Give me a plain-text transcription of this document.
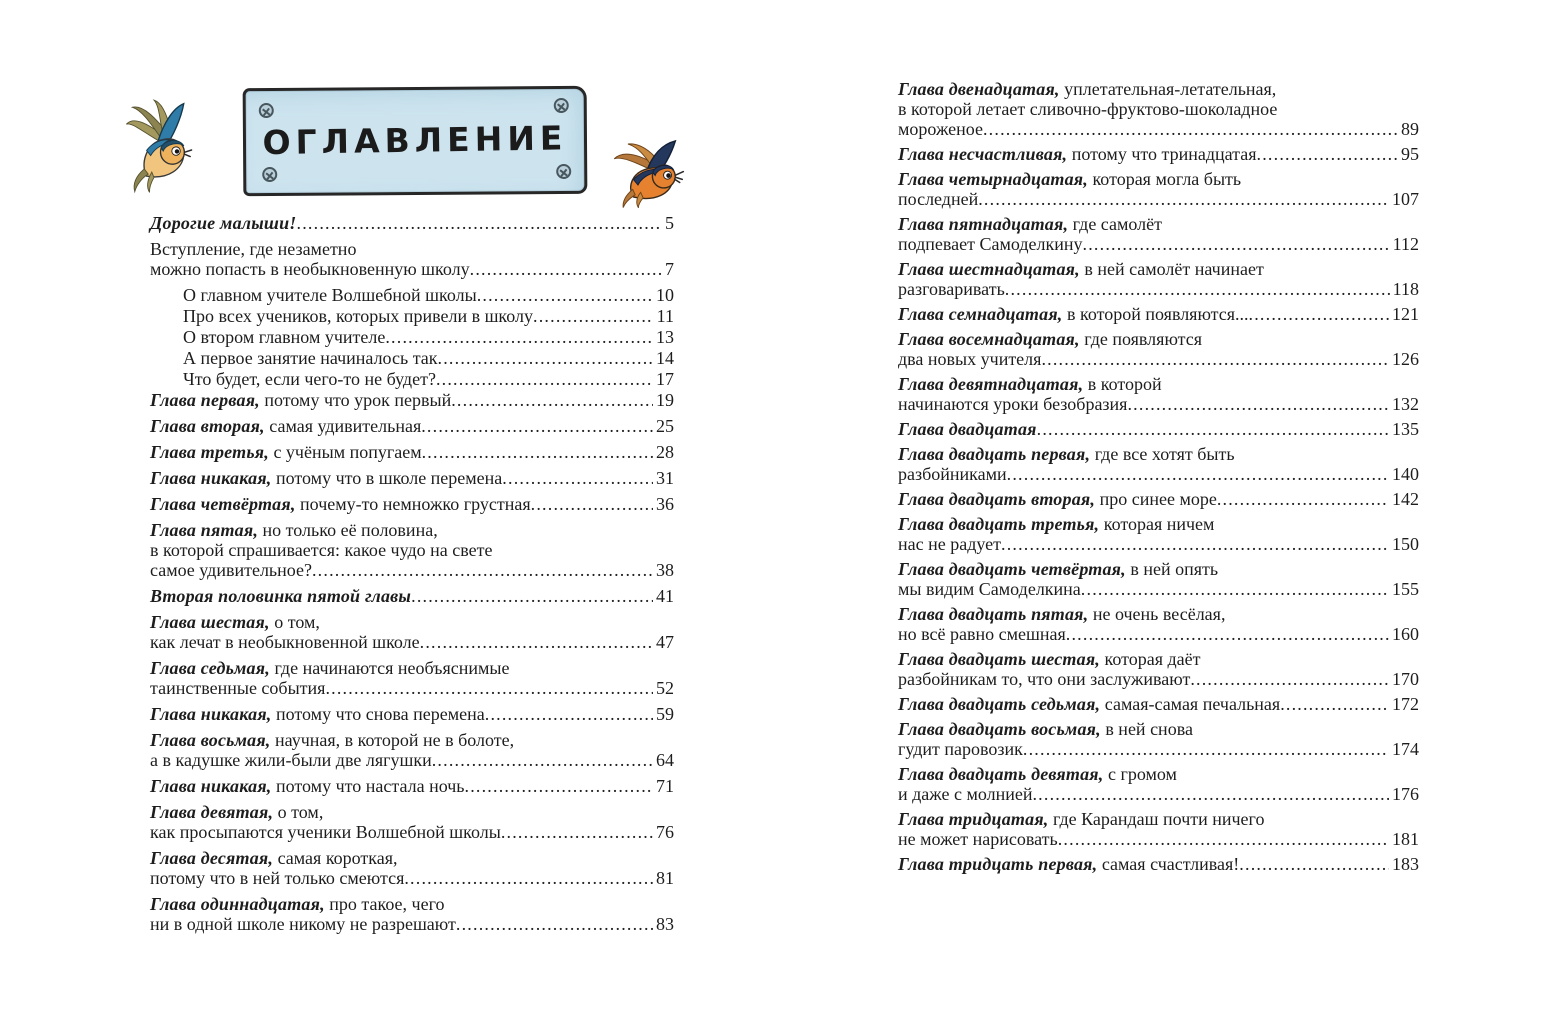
ОГЛАВЛЕНИЕ
Дорогие малыши! .....	5
Вступление, где незаметно
можно попасть в необыкновенную школу .....	7
О главном учителе Волшебной школы .....	10
Про всех учеников, которых привели в школу .....	11
О втором главном учителе .....	13
А первое занятие начиналось так .....	14
Что будет, если чего-то не будет? .....	17
Глава первая, потому что урок первый .....	19
Глава вторая, самая удивительная .....	25
Глава третья, с учёным попугаем .....	28
Глава никакая, потому что в школе перемена .....	31
Глава четвёртая, почему-то немножко грустная .....	36
Глава пятая, но только её половина,
в которой спрашивается: какое чудо на свете
самое удивительное? .....	38
Вторая половинка пятой главы .....	41
Глава шестая, о том,
как лечат в необыкновенной школе .....	47
Глава седьмая, где начинаются необъяснимые
таинственные события .....	52
Глава никакая, потому что снова перемена .....	59
Глава восьмая, научная, в которой не в болоте,
а в кадушке жили-были две лягушки .....	64
Глава никакая, потому что настала ночь .....	71
Глава девятая, о том,
как просыпаются ученики Волшебной школы .....	76
Глава десятая, самая короткая,
потому что в ней только смеются .....	81
Глава одиннадцатая, про такое, чего
ни в одной школе никому не разрешают .....	83
Глава двенадцатая, уплетательная-летательная,
в которой летает сливочно-фруктово-шоколадное
мороженое .....	89
Глава несчастливая, потому что тринадцатая .....	95
Глава четырнадцатая, которая могла быть
последней .....	107
Глава пятнадцатая, где самолёт
подпевает Самоделкину .....	112
Глава шестнадцатая, в ней самолёт начинает
разговаривать .....	118
Глава семнадцатая, в которой появляются... .....	121
Глава восемнадцатая, где появляются
два новых учителя .....	126
Глава девятнадцатая, в которой
начинаются уроки безобразия .....	132
Глава двадцатая .....	135
Глава двадцать первая, где все хотят быть
разбойниками .....	140
Глава двадцать вторая, про синее море .....	142
Глава двадцать третья, которая ничем
нас не радует .....	150
Глава двадцать четвёртая, в ней опять
мы видим Самоделкина .....	155
Глава двадцать пятая, не очень весёлая,
но всё равно смешная .....	160
Глава двадцать шестая, которая даёт
разбойникам то, что они заслуживают .....	170
Глава двадцать седьмая, самая-самая печальная .....	172
Глава двадцать восьмая, в ней снова
гудит паровозик .....	174
Глава двадцать девятая, с громом
и даже с молнией .....	176
Глава тридцатая, где Карандаш почти ничего
не может нарисовать .....	181
Глава тридцать первая, самая счастливая! .....	183
